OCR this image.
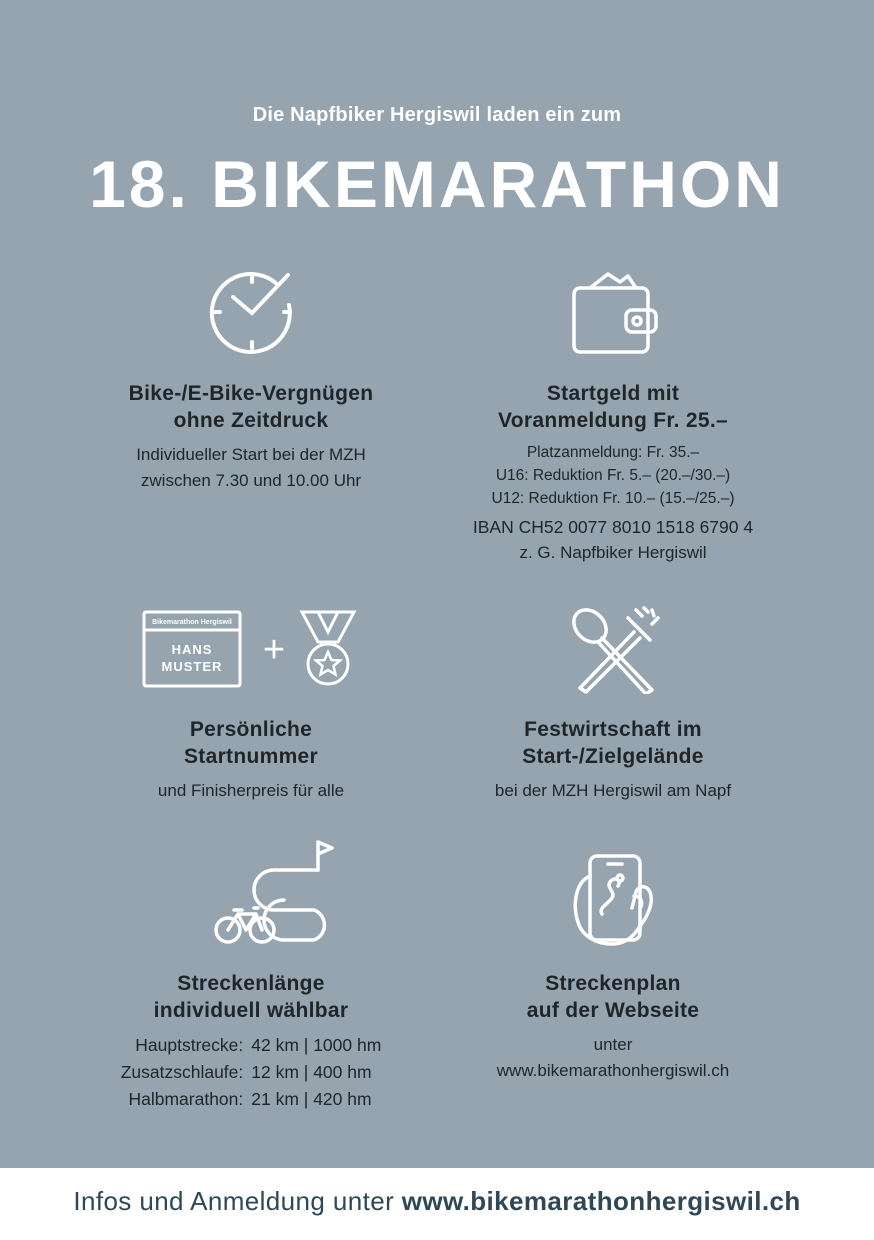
Die Napfbiker Hergiswil laden ein zum
18. BIKEMARATHON
Bike-/E-Bike-Vergnügen
ohne Zeitdruck
Individueller Start bei der MZH
zwischen 7.30 und 10.00 Uhr
Startgeld mit
Voranmeldung Fr. 25.–
Platzanmeldung: Fr. 35.–
U16: Reduktion Fr. 5.– (20.–/30.–)
U12: Reduktion Fr. 10.– (15.–/25.–)
IBAN CH52 0077 8010 1518 6790 4
z. G. Napfbiker Hergiswil
Bikemarathon Hergiswil
HANS
MUSTER +
Persönliche
Startnummer
und Finisherpreis für alle
Festwirtschaft im
Start-/Zielgelände
bei der MZH Hergiswil am Napf
Streckenlänge
individuell wählbar
Hauptstrecke: 42 km | 1000 hm
Zusatzschlaufe: 12 km | 400 hm
Halbmarathon: 21 km | 420 hm
Streckenplan
auf der Webseite
unter
www.bikemarathonhergiswil.ch
Infos und Anmeldung unter www.bikemarathonhergiswil.ch
